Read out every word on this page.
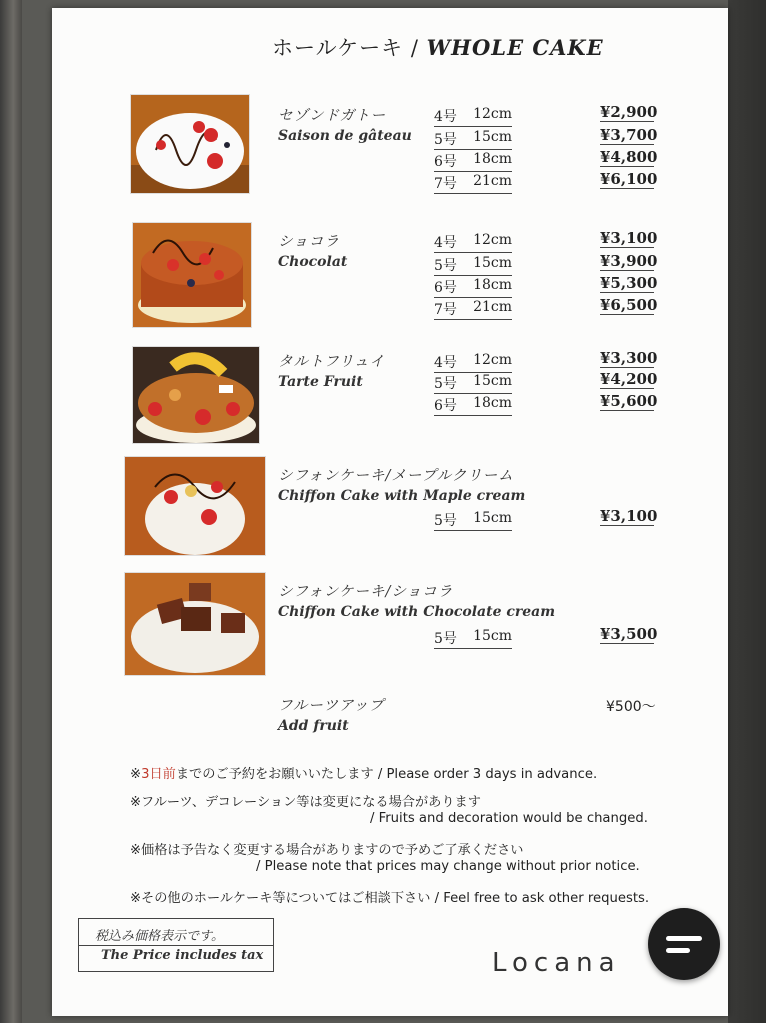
ホールケーキ / WHOLE CAKE
セゾンドガトー
Saison de gâteau
4号 12cm	¥2,900
5号 15cm	¥3,700
6号 18cm	¥4,800
7号 21cm	¥6,100
ショコラ
Chocolat
4号 12cm	¥3,100
5号 15cm	¥3,900
6号 18cm	¥5,300
7号 21cm	¥6,500
タルトフリュイ
Tarte Fruit
4号 12cm	¥3,300
5号 15cm	¥4,200
6号 18cm	¥5,600
シフォンケーキ/メープルクリーム
Chiffon Cake with Maple cream
5号 15cm	¥3,100
シフォンケーキ/ショコラ
Chiffon Cake with Chocolate cream
5号 15cm	¥3,500
フルーツアップ
Add fruit
¥500～
※3日前までのご予約をお願いいたします / Please order 3 days in advance.
※フルーツ、デコレーション等は変更になる場合があります
/ Fruits and decoration would be changed.
※価格は予告なく変更する場合がありますので予めご了承ください
/ Please note that prices may change without prior notice.
※その他のホールケーキ等についてはご相談下さい / Feel free to ask other requests.
税込み価格表示です。
The Price includes tax	Locana
